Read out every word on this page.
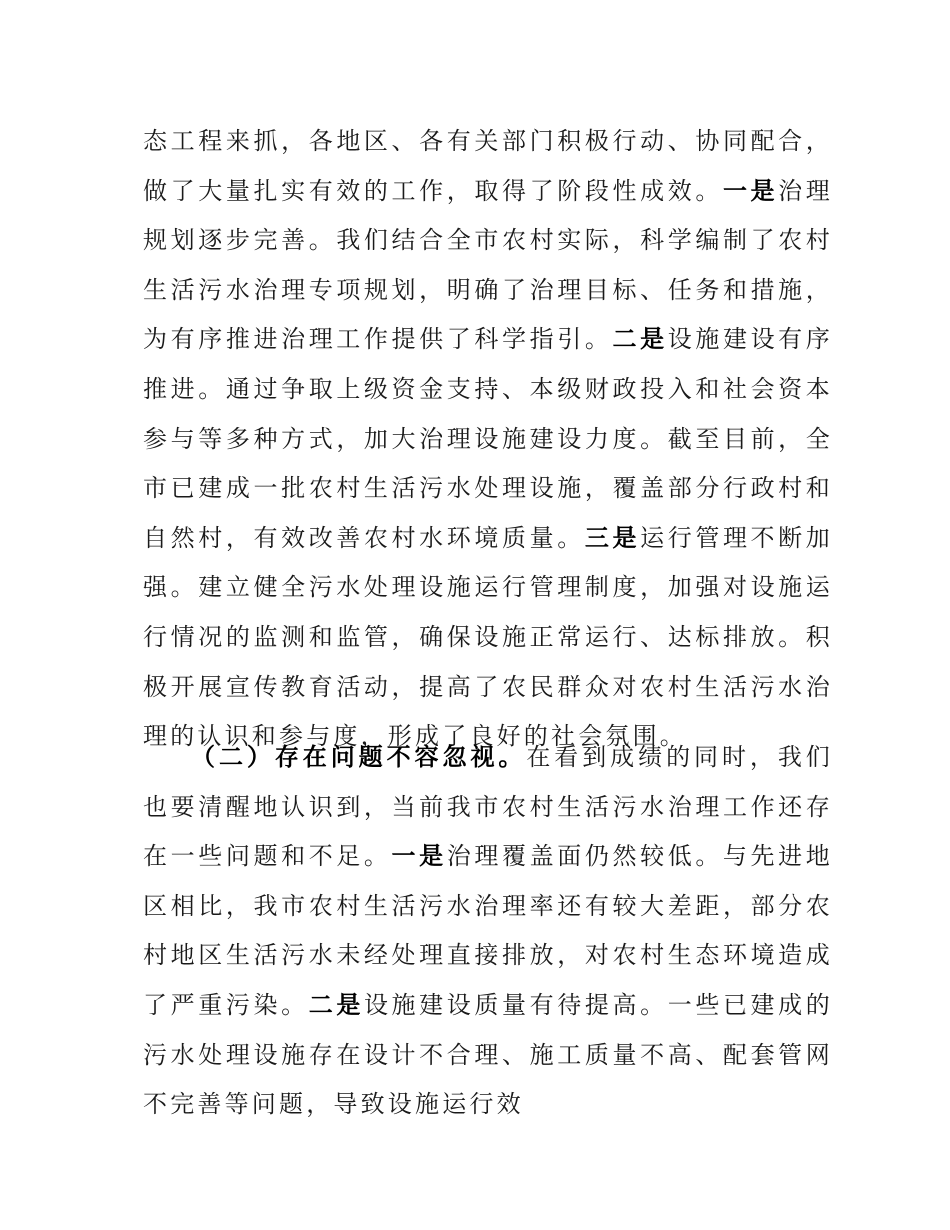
态工程来抓，各地区、各有关部门积极行动、协同配合，做了大量扎实有效的工作，取得了阶段性成效。一是治理规划逐步完善。我们结合全市农村实际，科学编制了农村生活污水治理专项规划，明确了治理目标、任务和措施，为有序推进治理工作提供了科学指引。二是设施建设有序推进。通过争取上级资金支持、本级财政投入和社会资本参与等多种方式，加大治理设施建设力度。截至目前，全市已建成一批农村生活污水处理设施，覆盖部分行政村和自然村，有效改善农村水环境质量。三是运行管理不断加强。建立健全污水处理设施运行管理制度，加强对设施运行情况的监测和监管，确保设施正常运行、达标排放。积极开展宣传教育活动，提高了农民群众对农村生活污水治理的认识和参与度，形成了良好的社会氛围。

（二）存在问题不容忽视。在看到成绩的同时，我们也要清醒地认识到，当前我市农村生活污水治理工作还存在一些问题和不足。一是治理覆盖面仍然较低。与先进地区相比，我市农村生活污水治理率还有较大差距，部分农村地区生活污水未经处理直接排放，对农村生态环境造成了严重污染。二是设施建设质量有待提高。一些已建成的污水处理设施存在设计不合理、施工质量不高、配套管网不完善等问题，导致设施运行效
